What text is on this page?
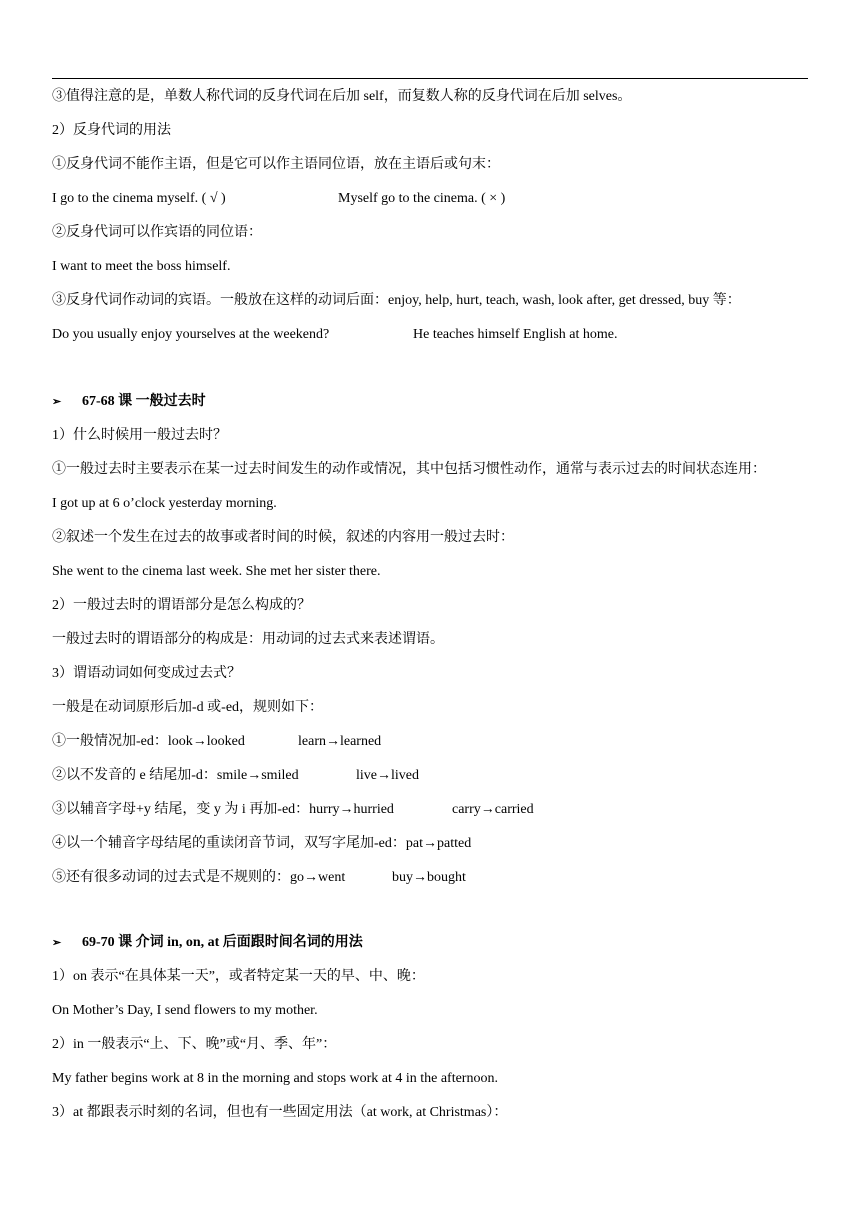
③值得注意的是，单数人称代词的反身代词在后加 self，而复数人称的反身代词在后加 selves。
2）反身代词的用法
①反身代词不能作主语，但是它可以作主语同位语，放在主语后或句末：
I go to the cinema myself. ( √ )	Myself go to the cinema. ( × )
②反身代词可以作宾语的同位语：
I want to meet the boss himself.
③反身代词作动词的宾语。一般放在这样的动词后面：enjoy, help, hurt, teach, wash, look after, get dressed, buy 等：
Do you usually enjoy yourselves at the weekend?	He teaches himself English at home.
➢ 67-68 课 一般过去时
1）什么时候用一般过去时？
①一般过去时主要表示在某一过去时间发生的动作或情况，其中包括习惯性动作，通常与表示过去的时间状态连用：
I got up at 6 o’clock yesterday morning.
②叙述一个发生在过去的故事或者时间的时候，叙述的内容用一般过去时：
She went to the cinema last week. She met her sister there.
2）一般过去时的谓语部分是怎么构成的？
一般过去时的谓语部分的构成是：用动词的过去式来表述谓语。
3）谓语动词如何变成过去式？
一般是在动词原形后加-d 或-ed，规则如下：
①一般情况加-ed：look→looked	learn→learned
②以不发音的 e 结尾加-d：smile→smiled	live→lived
③以辅音字母+y 结尾，变 y 为 i 再加-ed：hurry→hurried	carry→carried
④以一个辅音字母结尾的重读闭音节词，双写字尾加-ed：pat→patted
⑤还有很多动词的过去式是不规则的：go→went	buy→bought
➢ 69-70 课 介词 in, on, at 后面跟时间名词的用法
1）on 表示“在具体某一天”，或者特定某一天的早、中、晚：
On Mother’s Day, I send flowers to my mother.
2）in 一般表示“上、下、晚”或“月、季、年”：
My father begins work at 8 in the morning and stops work at 4 in the afternoon.
3）at 都跟表示时刻的名词，但也有一些固定用法（at work, at Christmas）：
